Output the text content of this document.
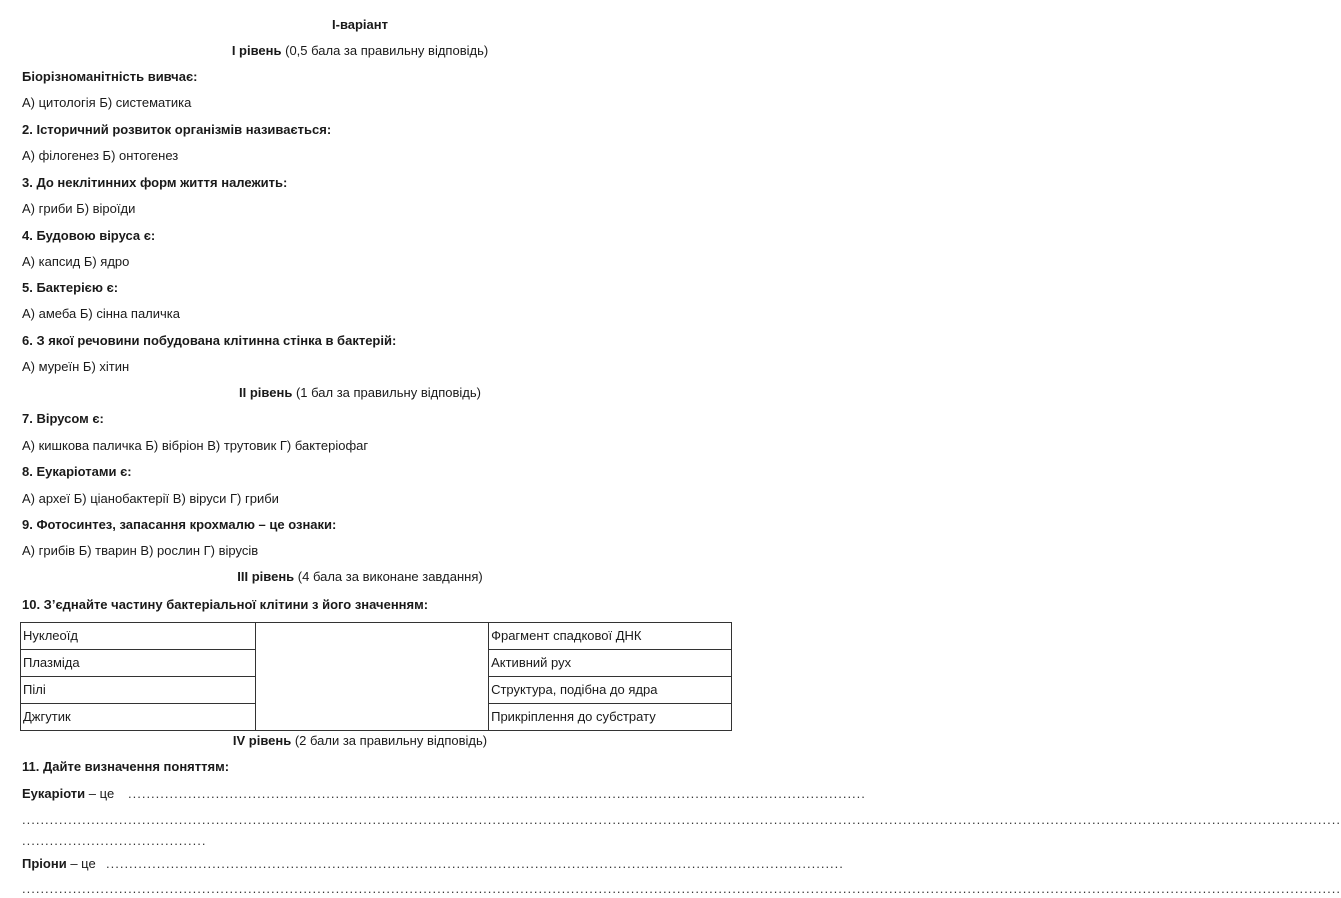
І-варіант
І рівень (0,5 бала за правильну відповідь)
Біорізноманітність вивчає:
А) цитологія Б) систематика
2. Історичний розвиток організмів називається:
А) філогенез Б) онтогенез
3. До неклітинних форм життя належить:
А) гриби Б) віроїди
4. Будовою віруса є:
А) капсид Б) ядро
5. Бактерією є:
А) амеба Б) сінна паличка
6. З якої речовини побудована клітинна стінка в бактерій:
А) муреїн Б) хітин
ІІ рівень (1 бал за правильну відповідь)
7. Вірусом є:
А) кишкова паличка Б) вібріон В) трутовик Г) бактеріофаг
8. Еукаріотами є:
А) археї Б) ціанобактерії В) віруси Г) гриби
9. Фотосинтез, запасання крохмалю – це ознаки:
А) грибів Б) тварин В) рослин Г) вірусів
ІІІ рівень (4 бала за виконане завдання)
10. З’єднайте частину бактеріальної клітини з його значенням:
Нуклеоїд		Фрагмент спадкової ДНК
Плазміда		Активний рух
Пілі		Структура, подібна до ядра
Джгутик		Прикріплення до субстрату
ІV рівень (2 бали за правильну відповідь)
11. Дайте визначення поняттям:
Еукаріоти – це ................................................................................................................................................................
..............................................................................................................................................................................................................................................................................................
........................................
Пріони – це ................................................................................................................................................................
..............................................................................................................................................................................................................................................................................................
